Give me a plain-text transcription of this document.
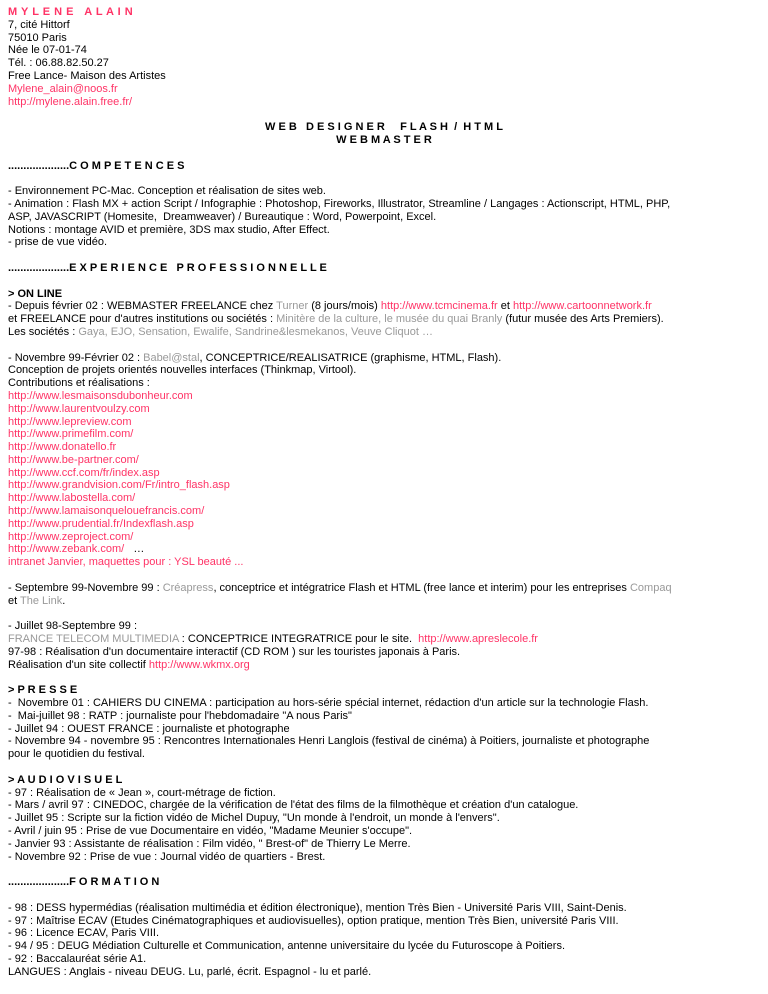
M Y L E N E   A L A I N
7, cité Hittorf
75010 Paris
Née le 07-01-74
Tél. : 06.88.82.50.27
Free Lance- Maison des Artistes
Mylene_alain@noos.fr
http://mylene.alain.free.fr/

W E B   D E S I G N E R     F L A S H  /  H T M L
W E B M A S T E R

....................C O M P E T E N C E S

- Environnement PC-Mac. Conception et réalisation de sites web.
- Animation : Flash MX + action Script / Infographie : Photoshop, Fireworks, Illustrator, Streamline / Langages : Actionscript, HTML, PHP,
ASP, JAVASCRIPT (Homesite,  Dreamweaver) / Bureautique : Word, Powerpoint, Excel.
Notions : montage AVID et première, 3DS max studio, After Effect.
- prise de vue vidéo.

....................E X P E R I E N C E   P R O F E S S I O N N E L L E

> ON LINE
- Depuis février 02 : WEBMASTER FREELANCE chez Turner (8 jours/mois) http://www.tcmcinema.fr et http://www.cartoonnetwork.fr
et FREELANCE pour d'autres institutions ou sociétés : Minitère de la culture, le musée du quai Branly (futur musée des Arts Premiers).
Les sociétés : Gaya, EJO, Sensation, Ewalife, Sandrine&lesmekanos, Veuve Cliquot …

- Novembre 99-Février 02 : Babel@stal, CONCEPTRICE/REALISATRICE (graphisme, HTML, Flash).
Conception de projets orientés nouvelles interfaces (Thinkmap, Virtool).
Contributions et réalisations :
http://www.lesmaisonsdubonheur.com
http://www.laurentvoulzy.com
http://www.lepreview.com
http://www.primefilm.com/
http://www.donatello.fr
http://www.be-partner.com/
http://www.ccf.com/fr/index.asp
http://www.grandvision.com/Fr/intro_flash.asp
http://www.labostella.com/
http://www.lamaisonquelouefrancis.com/
http://www.prudential.fr/Indexflash.asp
http://www.zeproject.com/
http://www.zebank.com/   …
intranet Janvier, maquettes pour : YSL beauté ...

- Septembre 99-Novembre 99 : Créapress, conceptrice et intégratrice Flash et HTML (free lance et interim) pour les entreprises Compaq
et The Link.

- Juillet 98-Septembre 99 :
FRANCE TELECOM MULTIMEDIA : CONCEPTRICE INTEGRATRICE pour le site.  http://www.apreslecole.fr
97-98 : Réalisation d'un documentaire interactif (CD ROM ) sur les touristes japonais à Paris.
Réalisation d'un site collectif http://www.wkmx.org

> P R E S S E
-  Novembre 01 : CAHIERS DU CINEMA : participation au hors-série spécial internet, rédaction d'un article sur la technologie Flash.
-  Mai-juillet 98 : RATP : journaliste pour l'hebdomadaire "A nous Paris"
- Juillet 94 : OUEST FRANCE : journaliste et photographe
- Novembre 94 - novembre 95 : Rencontres Internationales Henri Langlois (festival de cinéma) à Poitiers, journaliste et photographe
pour le quotidien du festival.

> A U D I O V I S U E L
- 97 : Réalisation de « Jean », court-métrage de fiction.
- Mars / avril 97 : CINEDOC, chargée de la vérification de l'état des films de la filmothèque et création d'un catalogue.
- Juillet 95 : Scripte sur la fiction vidéo de Michel Dupuy, "Un monde à l'endroit, un monde à l'envers".
- Avril / juin 95 : Prise de vue Documentaire en vidéo, "Madame Meunier s'occupe".
- Janvier 93 : Assistante de réalisation : Film vidéo, " Brest-of" de Thierry Le Merre.
- Novembre 92 : Prise de vue : Journal vidéo de quartiers - Brest.

....................F O R M A T I O N

- 98 : DESS hypermédias (réalisation multimédia et édition électronique), mention Très Bien - Université Paris VIII, Saint-Denis.
- 97 : Maîtrise ECAV (Etudes Cinématographiques et audiovisuelles), option pratique, mention Très Bien, université Paris VIII.
- 96 : Licence ECAV, Paris VIII.
- 94 / 95 : DEUG Médiation Culturelle et Communication, antenne universitaire du lycée du Futuroscope à Poitiers.
- 92 : Baccalauréat série A1.
LANGUES : Anglais - niveau DEUG. Lu, parlé, écrit. Espagnol - lu et parlé.
